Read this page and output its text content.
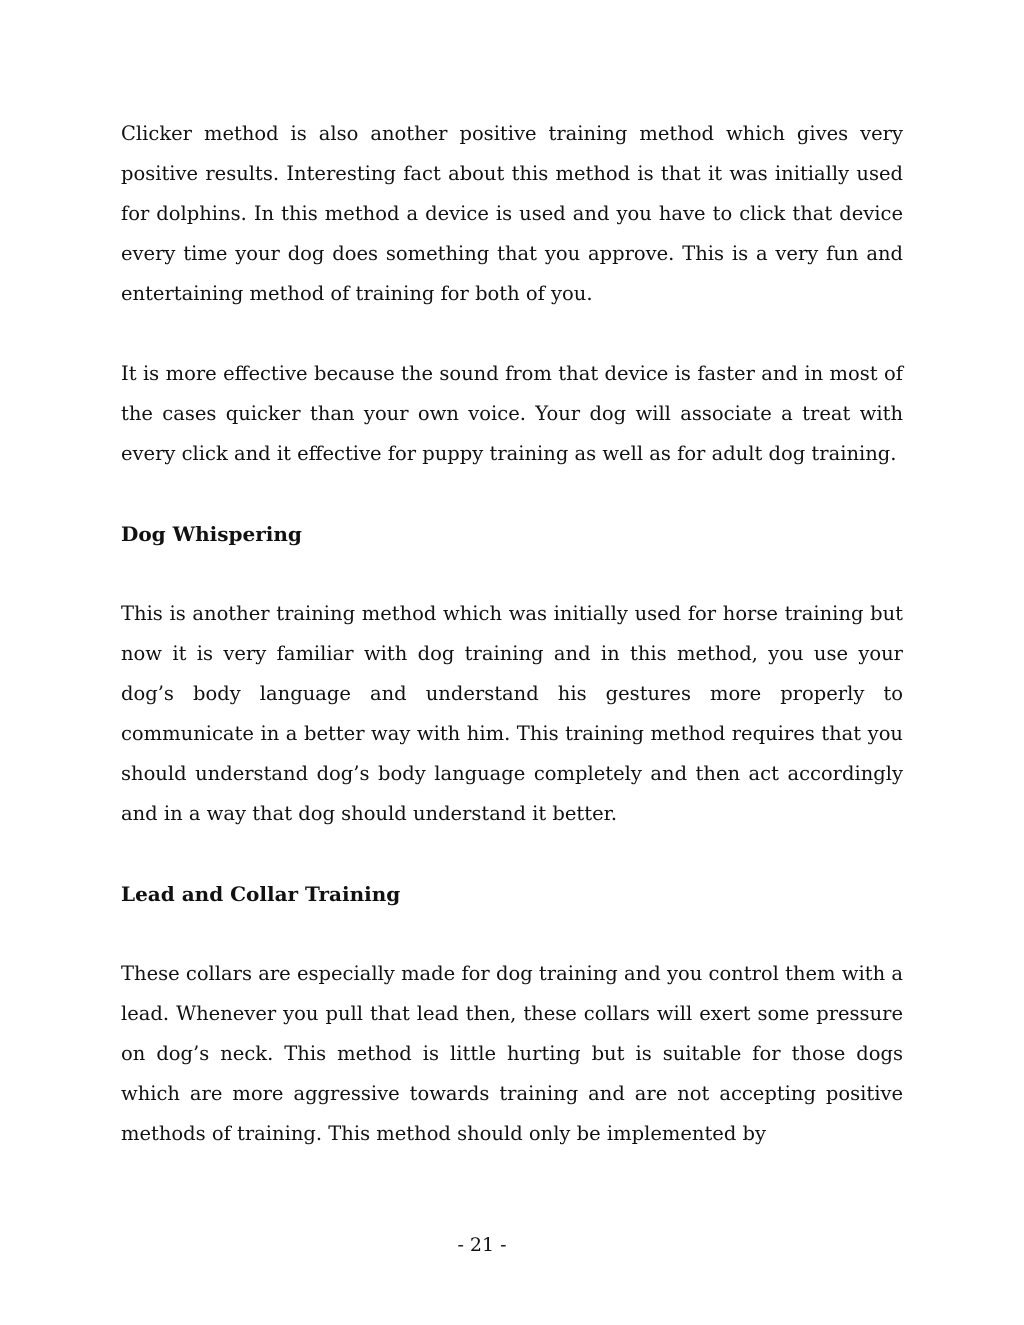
Clicker method is also another positive training method which gives very positive results. Interesting fact about this method is that it was initially used for dolphins. In this method a device is used and you have to click that device every time your dog does something that you approve. This is a very fun and entertaining method of training for both of you.

It is more effective because the sound from that device is faster and in most of the cases quicker than your own voice. Your dog will associate a treat with every click and it effective for puppy training as well as for adult dog training.

Dog Whispering

This is another training method which was initially used for horse training but now it is very familiar with dog training and in this method, you use your dog’s body language and understand his gestures more properly to communicate in a better way with him. This training method requires that you should understand dog’s body language completely and then act accordingly and in a way that dog should understand it better.

Lead and Collar Training

These collars are especially made for dog training and you control them with a lead. Whenever you pull that lead then, these collars will exert some pressure on dog’s neck. This method is little hurting but is suitable for those dogs which are more aggressive towards training and are not accepting positive methods of training. This method should only be implemented by

- 21 -
